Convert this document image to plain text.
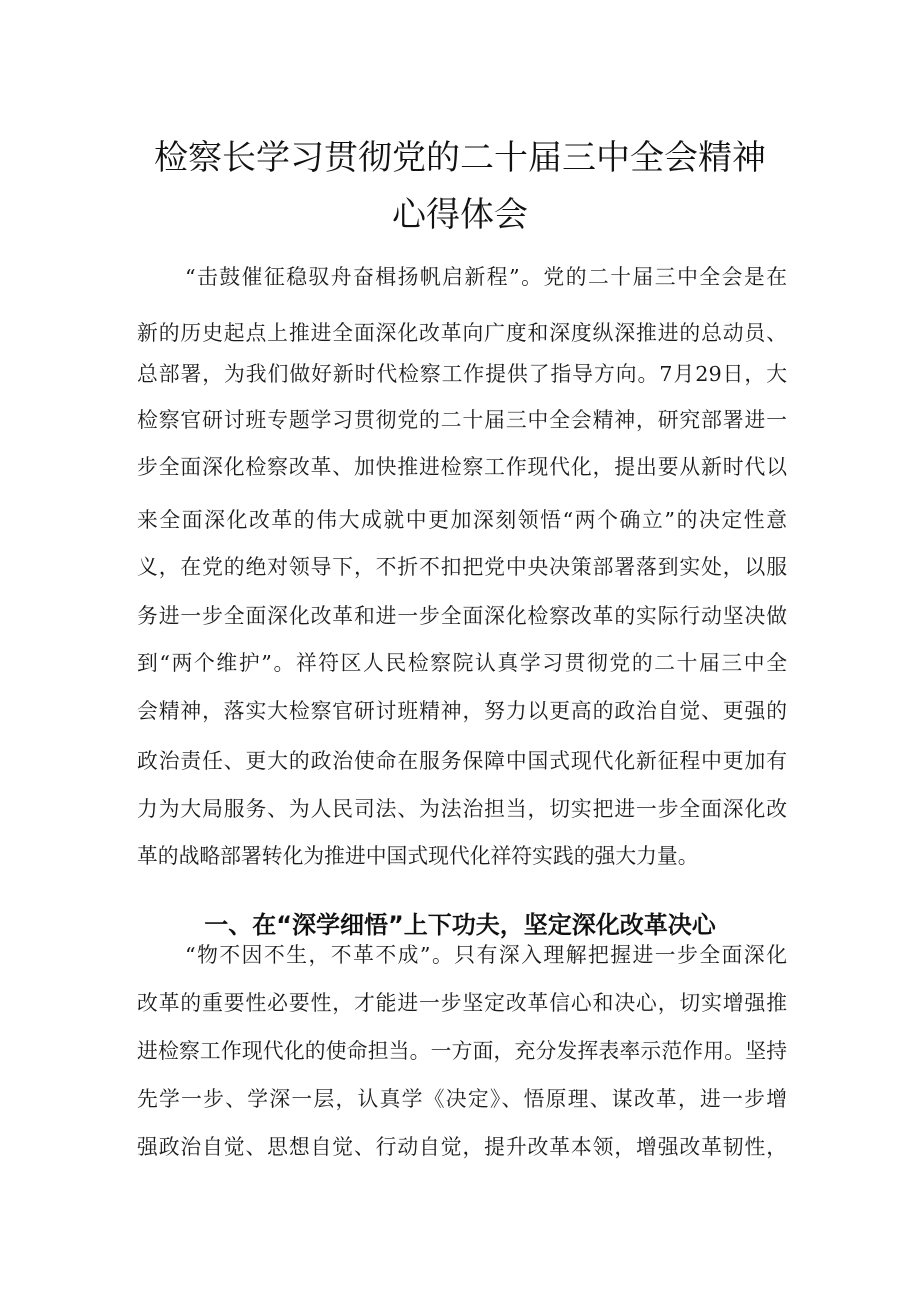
检察长学习贯彻党的二十届三中全会精神
心得体会
“击鼓催征稳驭舟奋楫扬帆启新程”。党的二十届三中全会是在
新的历史起点上推进全面深化改革向广度和深度纵深推进的总动员、
总部署，为我们做好新时代检察工作提供了指导方向。7月29日，大
检察官研讨班专题学习贯彻党的二十届三中全会精神，研究部署进一
步全面深化检察改革、加快推进检察工作现代化，提出要从新时代以
来全面深化改革的伟大成就中更加深刻领悟“两个确立”的决定性意
义，在党的绝对领导下，不折不扣把党中央决策部署落到实处，以服
务进一步全面深化改革和进一步全面深化检察改革的实际行动坚决做
到“两个维护”。祥符区人民检察院认真学习贯彻党的二十届三中全
会精神，落实大检察官研讨班精神，努力以更高的政治自觉、更强的
政治责任、更大的政治使命在服务保障中国式现代化新征程中更加有
力为大局服务、为人民司法、为法治担当，切实把进一步全面深化改
革的战略部署转化为推进中国式现代化祥符实践的强大力量。
一、在“深学细悟”上下功夫，坚定深化改革决心
“物不因不生，不革不成”。只有深入理解把握进一步全面深化
改革的重要性必要性，才能进一步坚定改革信心和决心，切实增强推
进检察工作现代化的使命担当。一方面，充分发挥表率示范作用。坚持
先学一步、学深一层，认真学《决定》、悟原理、谋改革，进一步增
强政治自觉、思想自觉、行动自觉，提升改革本领，增强改革韧性，
